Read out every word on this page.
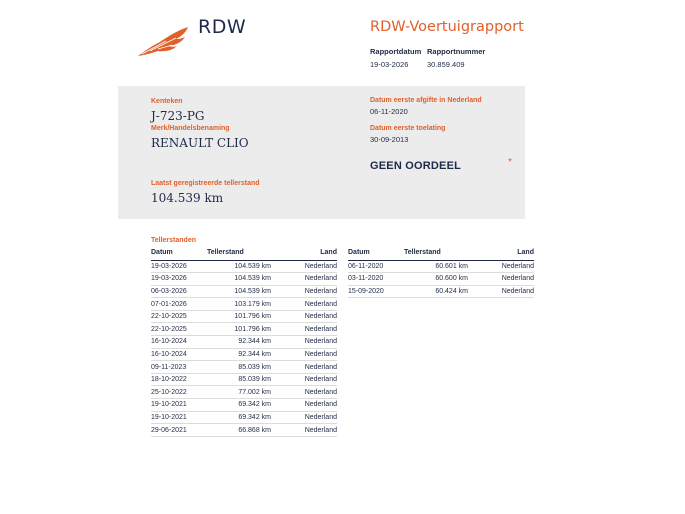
RDW	RDW-Voertuigrapport
Rapportdatum
19-03-2026
Rapportnummer
30.859.409
Kenteken
J-723-PG
Merk/Handelsbenaming
RENAULT CLIO
Laatst geregistreerde tellerstand
104.539 km
Datum eerste afgifte in Nederland
06-11-2020
Datum eerste toelating
30-09-2013
GEEN OORDEEL	*
Tellerstanden
Datum	Tellerstand	Land
19-03-2026	104.539 km	Nederland
19-03-2026	104.539 km	Nederland
06-03-2026	104.539 km	Nederland
07-01-2026	103.179 km	Nederland
22-10-2025	101.796 km	Nederland
22-10-2025	101.796 km	Nederland
16-10-2024	92.344 km	Nederland
16-10-2024	92.344 km	Nederland
09-11-2023	85.039 km	Nederland
18-10-2022	85.039 km	Nederland
25-10-2022	77.002 km	Nederland
19-10-2021	69.342 km	Nederland
19-10-2021	69.342 km	Nederland
29-06-2021	66.868 km	Nederland
Datum	Tellerstand	Land
06-11-2020	60.601 km	Nederland
03-11-2020	60.600 km	Nederland
15-09-2020	60.424 km	Nederland
